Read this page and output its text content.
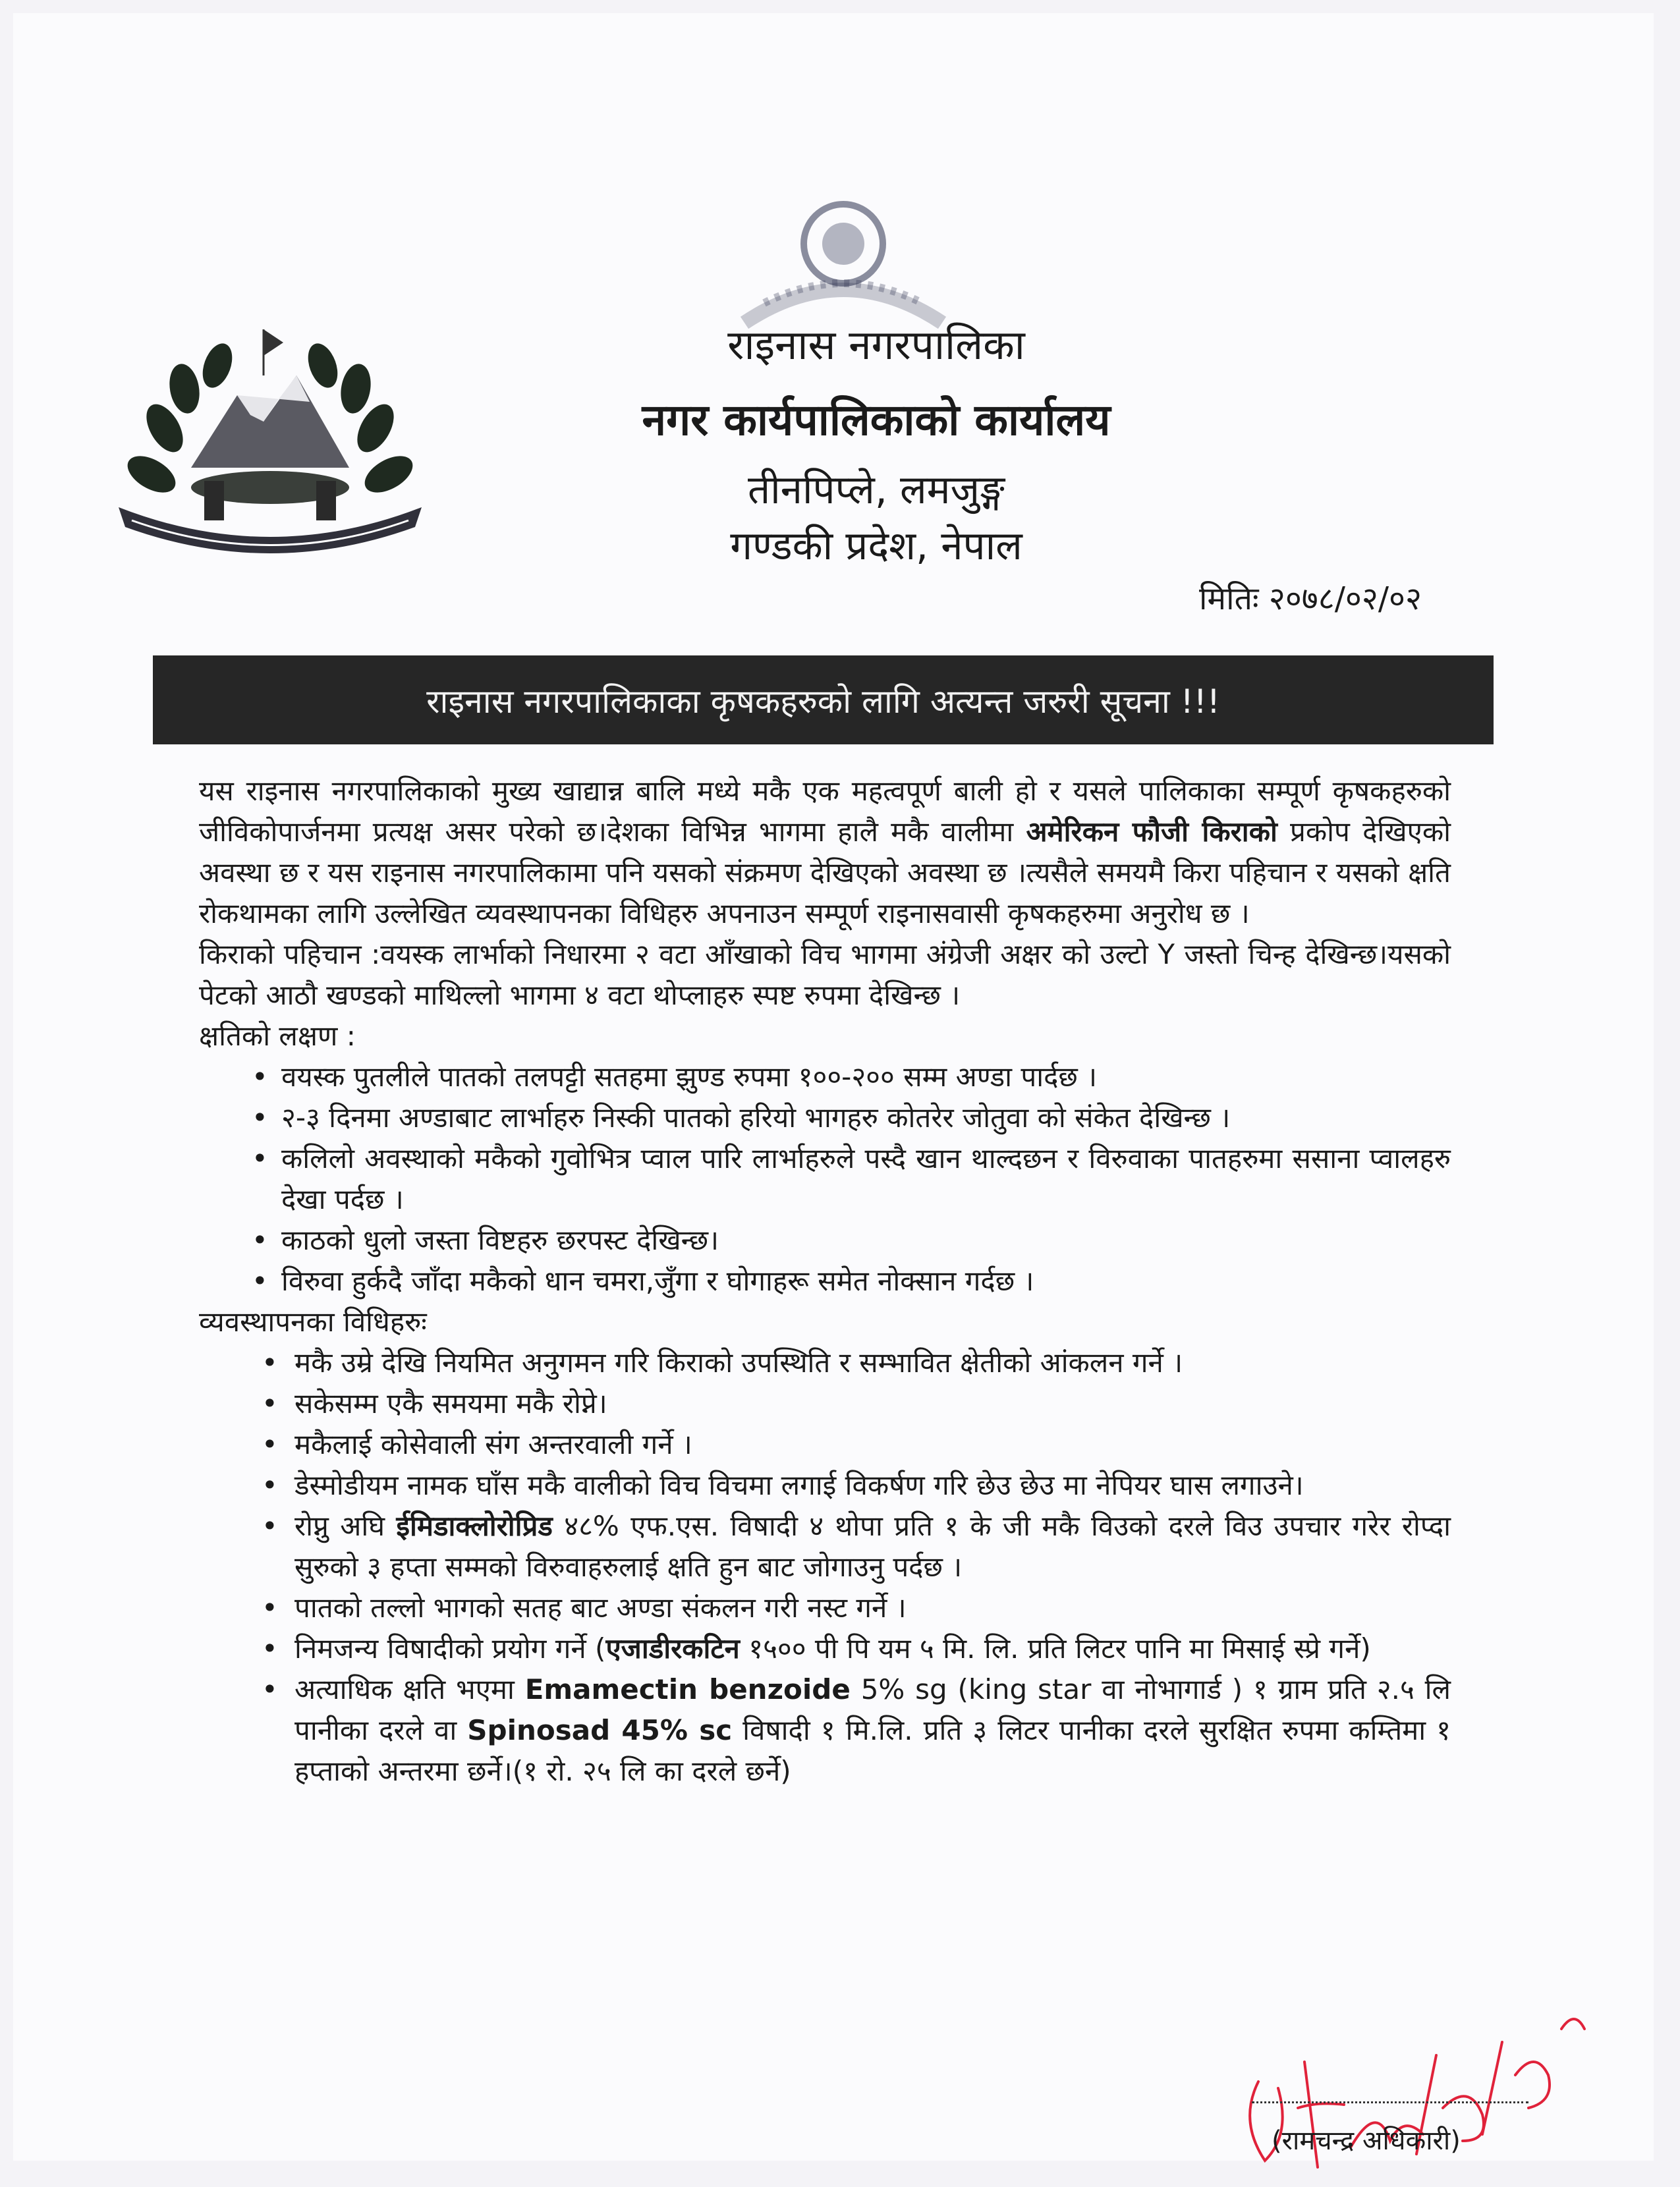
राइनास नगरपालिका
नगर कार्यपालिकाको कार्यालय
तीनपिप्ले, लमजुङ्ग
गण्डकी प्रदेश, नेपाल
मितिः २०७८/०२/०२
राइनास नगरपालिकाका कृषकहरुको लागि अत्यन्त जरुरी सूचना !!!

यस राइनास नगरपालिकाको मुख्य खाद्यान्न बालि मध्ये मकै एक महत्वपूर्ण बाली हो र यसले पालिकाका सम्पूर्ण कृषकहरुको जीविकोपार्जनमा प्रत्यक्ष असर परेको छ।देशका विभिन्न भागमा हालै मकै वालीमा अमेरिकन फौजी किराको प्रकोप देखिएको अवस्था छ र यस राइनास नगरपालिकामा पनि यसको संक्रमण देखिएको अवस्था छ ।त्यसैले समयमै किरा पहिचान र यसको क्षति रोकथामका लागि उल्लेखित व्यवस्थापनका विधिहरु अपनाउन सम्पूर्ण राइनासवासी कृषकहरुमा अनुरोध छ ।

किराको पहिचान :वयस्क लार्भाको निधारमा २ वटा आँखाको विच भागमा अंग्रेजी अक्षर को उल्टो Y जस्तो चिन्ह देखिन्छ।यसको पेटको आठौ खण्डको माथिल्लो भागमा ४ वटा थोप्लाहरु स्पष्ट रुपमा देखिन्छ ।

क्षतिको लक्षण :

• वयस्क पुतलीले पातको तलपट्टी सतहमा झुण्ड रुपमा १००-२०० सम्म अण्डा पार्दछ ।
• २-३ दिनमा अण्डाबाट लार्भाहरु निस्की पातको हरियो भागहरु कोतरेर जोतुवा को संकेत देखिन्छ ।
• कलिलो अवस्थाको मकैको गुवोभित्र प्वाल पारि लार्भाहरुले पस्दै खान थाल्दछन र विरुवाका पातहरुमा ससाना प्वालहरु देखा पर्दछ ।
• काठको धुलो जस्ता विष्टहरु छरपस्ट देखिन्छ।
• विरुवा हुर्कदै जाँदा मकैको धान चमरा,जुँगा र घोगाहरू समेत नोक्सान गर्दछ ।

व्यवस्थापनका विधिहरुः

• मकै उम्रे देखि नियमित अनुगमन गरि किराको उपस्थिति र सम्भावित क्षेतीको आंकलन गर्ने ।
• सकेसम्म एकै समयमा मकै रोप्ने।
• मकैलाई कोसेवाली संग अन्तरवाली गर्ने ।
• डेस्मोडीयम नामक घाँस मकै वालीको विच विचमा लगाई विकर्षण गरि छेउ छेउ मा नेपियर घास लगाउने।
• रोप्नु अघि ईमिडाक्लोरोप्रिड ४८% एफ.एस. विषादी ४ थोपा प्रति १ के जी मकै विउको दरले विउ उपचार गरेर रोप्दा सुरुको ३ हप्ता सम्मको विरुवाहरुलाई क्षति हुन बाट जोगाउनु पर्दछ ।
• पातको तल्लो भागको सतह बाट अण्डा संकलन गरी नस्ट गर्ने ।
• निमजन्य विषादीको प्रयोग गर्ने (एजाडीरकटिन १५०० पी पि यम ५ मि. लि. प्रति लिटर पानि मा मिसाई स्प्रे गर्ने)
• अत्याधिक क्षति भएमा Emamectin benzoide 5% sg (king star वा नोभागार्ड ) १ ग्राम प्रति २.५ लि पानीका दरले वा Spinosad 45% sc विषादी १ मि.लि. प्रति ३ लिटर पानीका दरले सुरक्षित रुपमा कम्तिमा १ हप्ताको अन्तरमा छर्ने।(१ रो. २५ लि का दरले छर्ने)
(रामचन्द्र अधिकारी)
